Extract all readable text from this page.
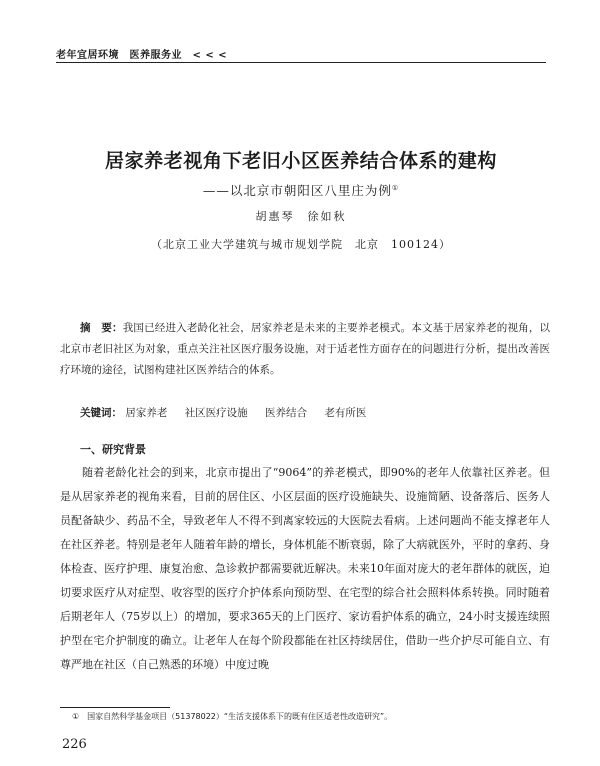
老年宜居环境　医养服务业　< < <
居家养老视角下老旧小区医养结合体系的建构
——以北京市朝阳区八里庄为例①
胡惠琴　徐如秋
（北京工业大学建筑与城市规划学院　北京　100124）
摘　要：我国已经进入老龄化社会，居家养老是未来的主要养老模式。本文基于居家养老的视角，以北京市老旧社区为对象，重点关注社区医疗服务设施，对于适老性方面存在的问题进行分析，提出改善医疗环境的途径，试图构建社区医养结合的体系。
关键词： 居家养老 社区医疗设施 医养结合 老有所医
一、研究背景
随着老龄化社会的到来，北京市提出了“9064”的养老模式，即90%的老年人依靠社区养老。但是从居家养老的视角来看，目前的居住区、小区层面的医疗设施缺失、设施简陋、设备落后、医务人员配备缺少、药品不全，导致老年人不得不到离家较远的大医院去看病。上述问题尚不能支撑老年人在社区养老。特别是老年人随着年龄的增长，身体机能不断衰弱，除了大病就医外，平时的拿药、身体检查、医疗护理、康复治愈、急诊救护都需要就近解决。未来10年面对庞大的老年群体的就医，迫切要求医疗从对症型、收容型的医疗介护体系向预防型、在宅型的综合社会照料体系转换。同时随着后期老年人（75岁以上）的增加，要求365天的上门医疗、家访看护体系的确立，24小时支援连续照护型在宅介护制度的确立。让老年人在每个阶段都能在社区持续居住，借助一些介护尽可能自立、有尊严地在社区（自己熟悉的环境）中度过晚
①　 国家自然科学基金项目（51378022）“生活支援体系下的既有住区适老性改造研究”。
226
